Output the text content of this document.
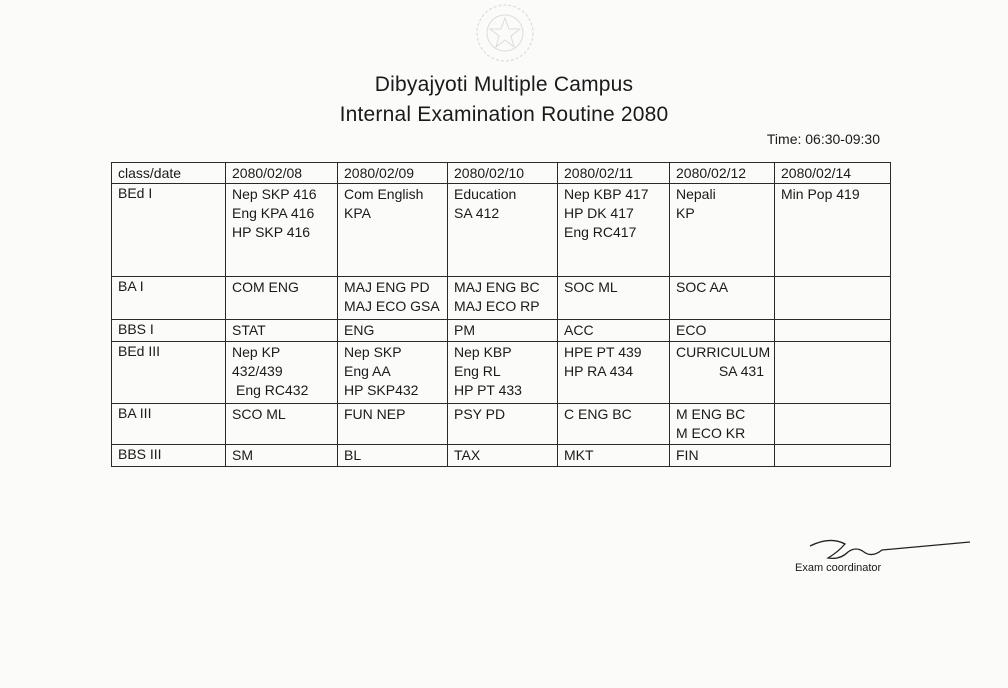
Dibyajyoti Multiple Campus
Internal Examination Routine 2080
Time: 06:30-09:30
class/date	2080/02/08	2080/02/09	2080/02/10	2080/02/11	2080/02/12	2080/02/14
BEd I	Nep SKP 416
Eng KPA 416
HP SKP 416	Com English
KPA	Education
SA 412	Nep KBP 417
HP DK 417
Eng RC417	Nepali
KP	Min Pop 419

BA I	COM ENG	MAJ ENG PD
MAJ ECO GSA	MAJ ENG BC
MAJ ECO RP	SOC ML	SOC AA	

BBS I	STAT	ENG	PM	ACC	ECO	

BEd III	Nep KP
432/439
Eng RC432	Nep SKP
Eng AA
HP SKP432	Nep KBP
Eng RL
HP PT 433	HPE PT 439
HP RA 434	CURRICULUM
SA 431	

BA III	SCO ML	FUN NEP	PSY PD	C ENG BC	M ENG BC
M ECO KR	

BBS III	SM	BL	TAX	MKT	FIN	

Exam coordinator
